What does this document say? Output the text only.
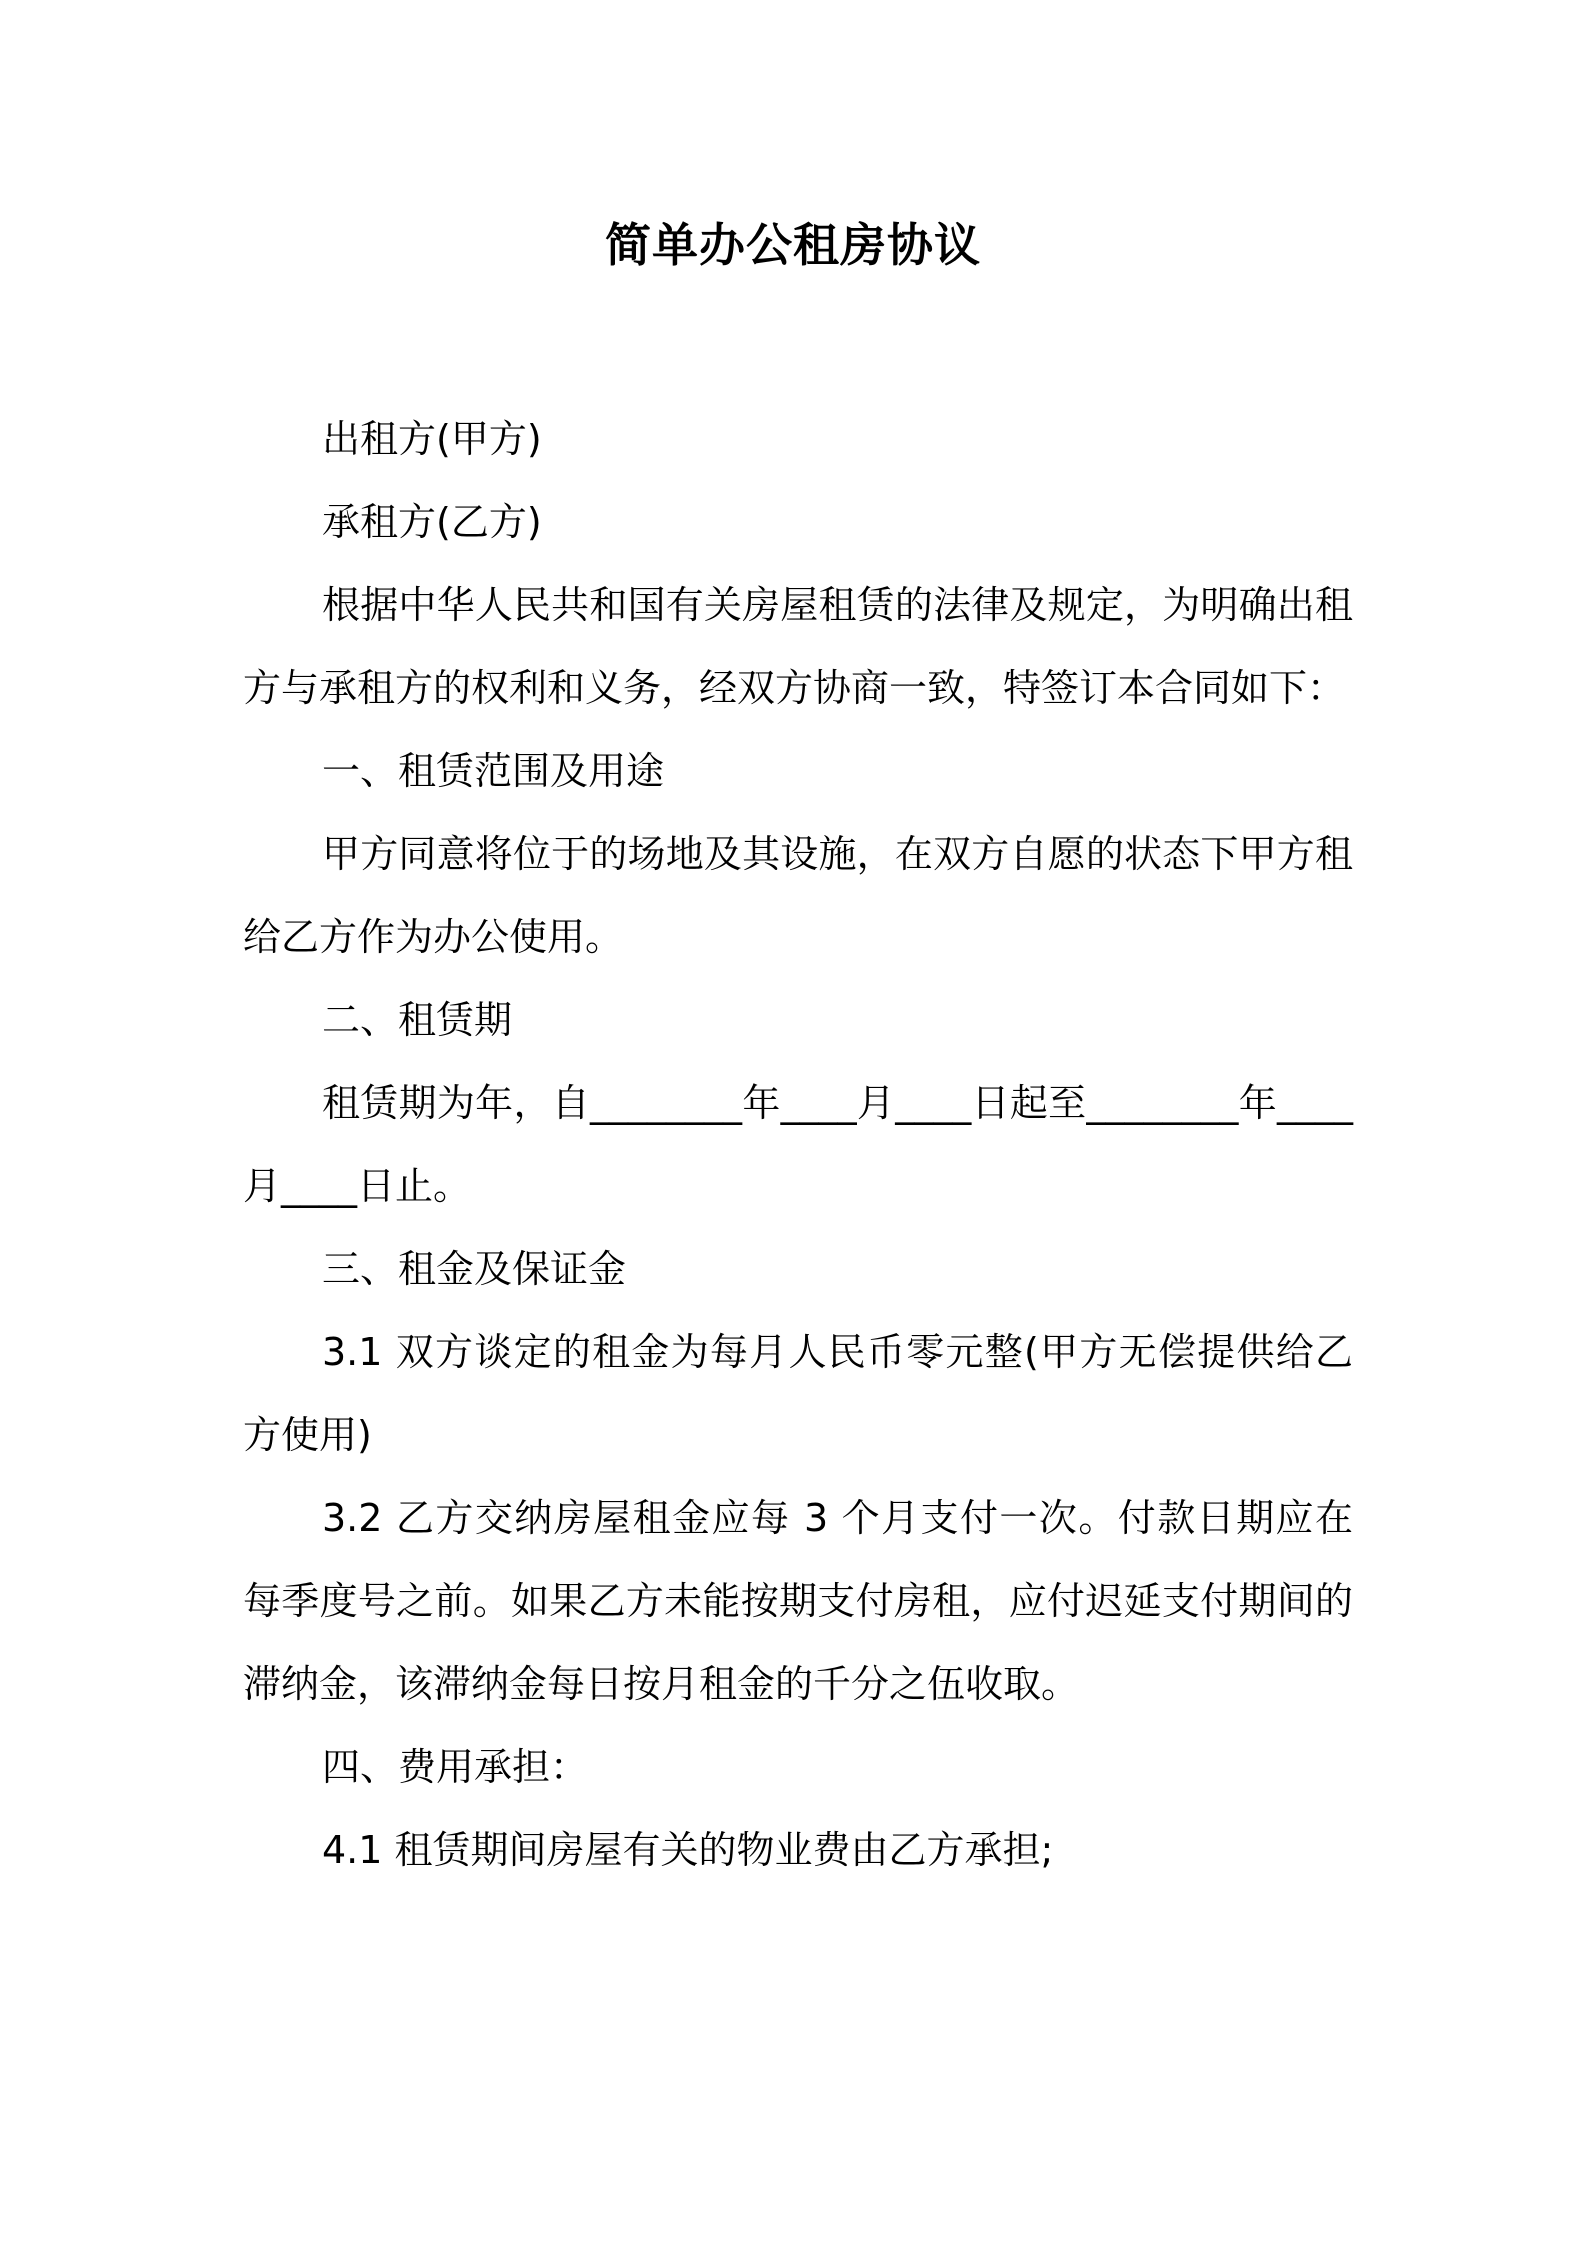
简单办公租房协议

出租方(甲方)

承租方(乙方)

根据中华人民共和国有关房屋租赁的法律及规定，为明确出租方与承租方的权利和义务，经双方协商一致，特签订本合同如下：

一、租赁范围及用途

甲方同意将位于的场地及其设施，在双方自愿的状态下甲方租给乙方作为办公使用。

二、租赁期

租赁期为年，自________年____月____日起至________年____月____日止。

三、租金及保证金

3.1 双方谈定的租金为每月人民币零元整(甲方无偿提供给乙方使用)

3.2 乙方交纳房屋租金应每 3 个月支付一次。付款日期应在每季度号之前。如果乙方未能按期支付房租，应付迟延支付期间的滞纳金，该滞纳金每日按月租金的千分之伍收取。

四、费用承担：

4.1 租赁期间房屋有关的物业费由乙方承担;
